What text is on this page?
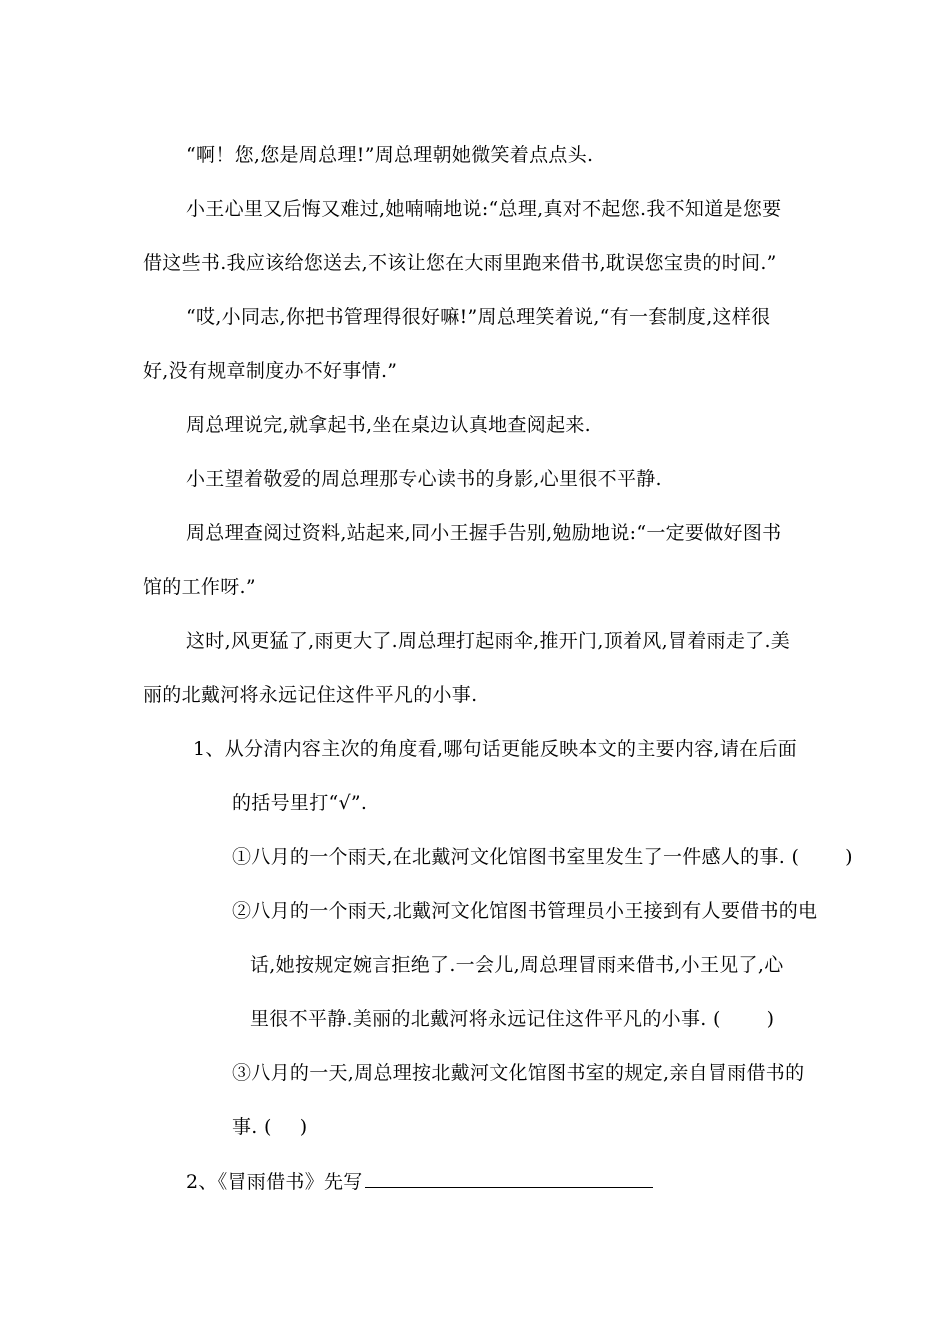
“啊！您,您是周总理!”周总理朝她微笑着点点头.
小王心里又后悔又难过,她喃喃地说:“总理,真对不起您.我不知道是您要
借这些书.我应该给您送去,不该让您在大雨里跑来借书,耽误您宝贵的时间.”
“哎,小同志,你把书管理得很好嘛!”周总理笑着说,“有一套制度,这样很
好,没有规章制度办不好事情.”
周总理说完,就拿起书,坐在桌边认真地查阅起来.
小王望着敬爱的周总理那专心读书的身影,心里很不平静.
周总理查阅过资料,站起来,同小王握手告别,勉励地说:“一定要做好图书
馆的工作呀.”
这时,风更猛了,雨更大了.周总理打起雨伞,推开门,顶着风,冒着雨走了.美
丽的北戴河将永远记住这件平凡的小事.
1、从分清内容主次的角度看,哪句话更能反映本文的主要内容,请在后面
的括号里打“√”.
①八月的一个雨天,在北戴河文化馆图书室里发生了一件感人的事. ( )
②八月的一个雨天,北戴河文化馆图书管理员小王接到有人要借书的电
话,她按规定婉言拒绝了.一会儿,周总理冒雨来借书,小王见了,心
里很不平静.美丽的北戴河将永远记住这件平凡的小事. ( )
③八月的一天,周总理按北戴河文化馆图书室的规定,亲自冒雨借书的
事. ( )
2、《冒雨借书》先写
